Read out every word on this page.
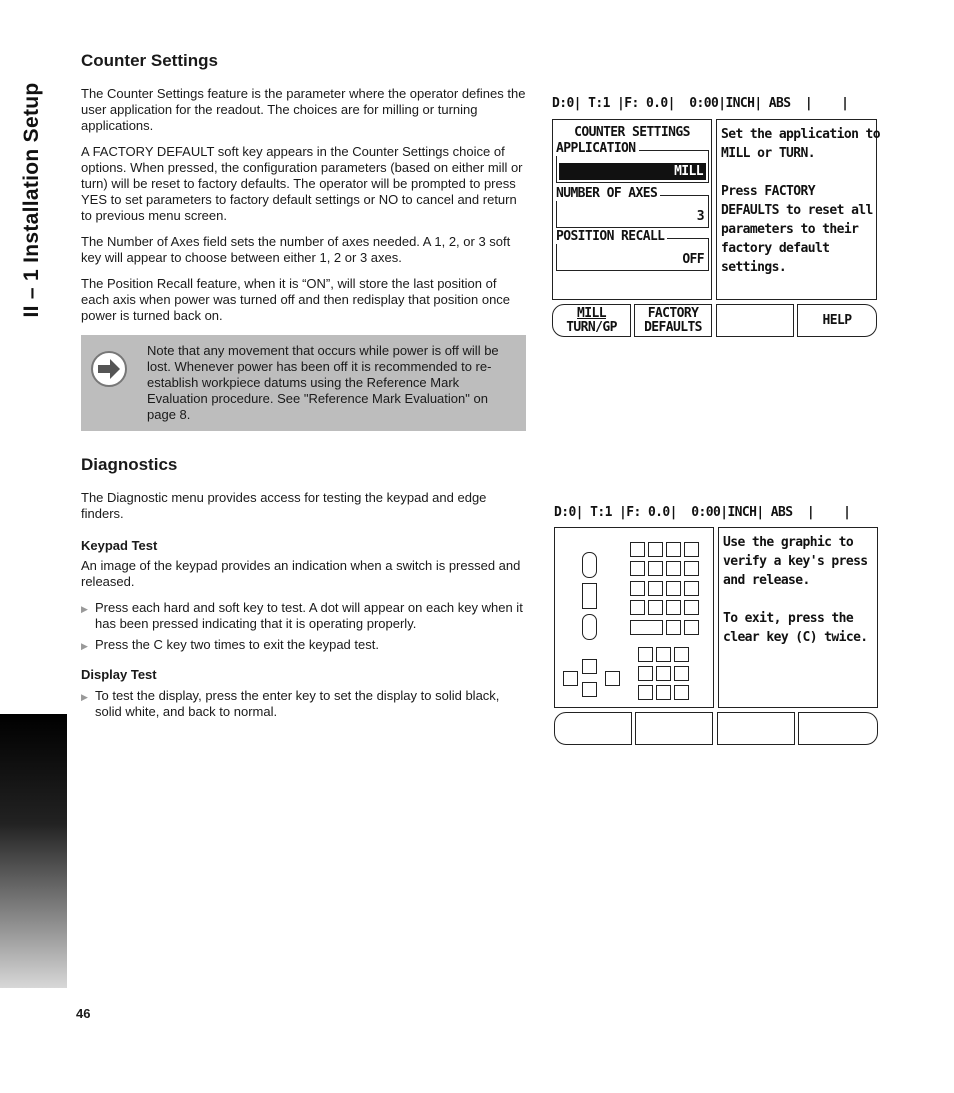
II – 1 Installation Setup
Counter Settings
The Counter Settings feature is the parameter where the operator defines the user application for the readout. The choices are for milling or turning applications.
A FACTORY DEFAULT soft key appears in the Counter Settings choice of options. When pressed, the configuration parameters (based on either mill or turn) will be reset to factory defaults. The operator will be prompted to press YES to set parameters to factory default settings or NO to cancel and return to previous menu screen.
The Number of Axes field sets the number of axes needed. A 1, 2, or 3 soft key will appear to choose between either 1, 2 or 3 axes.
The Position Recall feature, when it is “ON”, will store the last position of each axis when power was turned off and then redisplay that position once power is turned back on.
Note that any movement that occurs while power is off will be lost. Whenever power has been off it is recommended to re-establish workpiece datums using the Reference Mark Evaluation procedure. See "Reference Mark Evaluation" on page 8.
Diagnostics
The Diagnostic menu provides access for testing the keypad and edge finders.
Keypad Test
An image of the keypad provides an indication when a switch is pressed and released.
▶ Press each hard and soft key to test. A dot will appear on each key when it has been pressed indicating that it is operating properly.
▶ Press the C key two times to exit the keypad test.
Display Test
▶ To test the display, press the enter key to set the display to solid black, solid white, and back to normal.
46
D:0| T:1 |F: 0.0|  0:00|INCH| ABS  |    |
COUNTER SETTINGS
APPLICATION
MILL
NUMBER OF AXES
3
POSITION RECALL
OFF
Set the application to
MILL or TURN.

Press FACTORY
DEFAULTS to reset all
parameters to their
factory default
settings.
MILL
TURN/GP
FACTORY
DEFAULTS	HELP
D:0| T:1 |F: 0.0|  0:00|INCH| ABS  |    |
Use the graphic to
verify a key's press
and release.

To exit, press the
clear key (C) twice.
